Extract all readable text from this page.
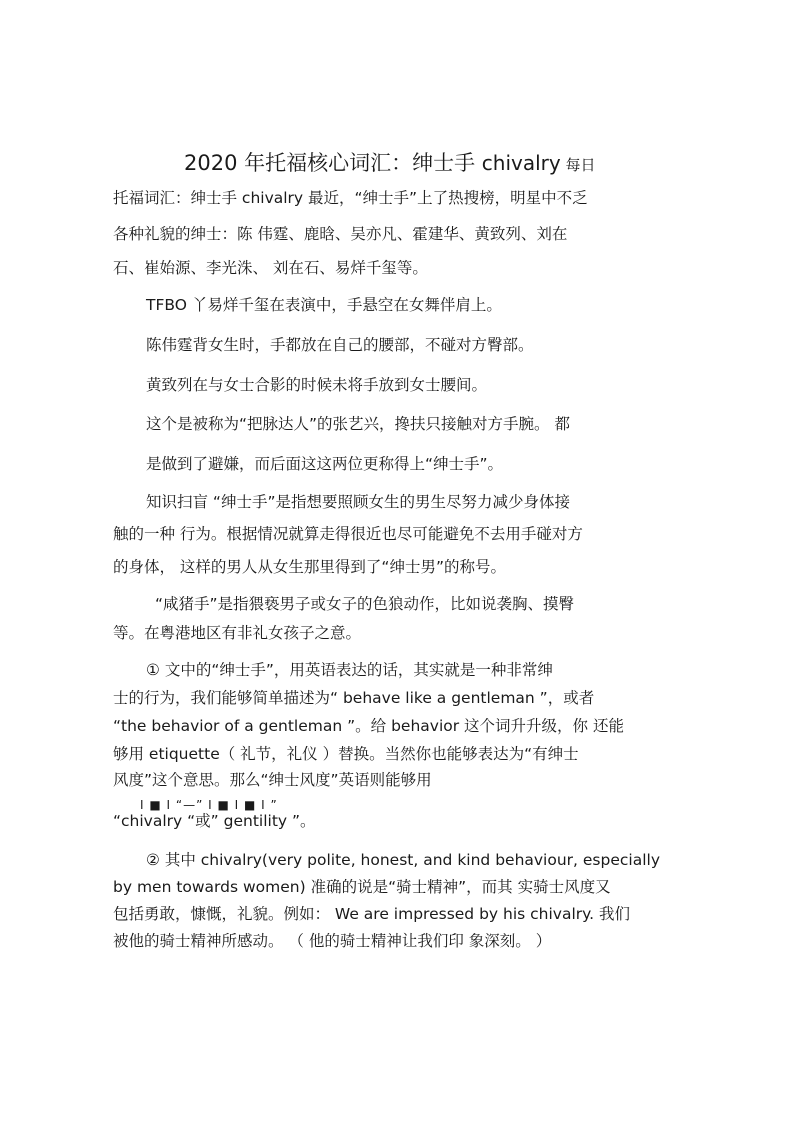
2020 年托福核心词汇：绅士手 chivalry 每日
托福词汇：绅士手 chivalry 最近，“绅士手”上了热搜榜，明星中不乏
各种礼貌的绅士：陈 伟霆、鹿晗、吴亦凡、霍建华、黄致列、刘在
石、崔始源、李光洙、 刘在石、易烊千玺等。
TFBO 丫易烊千玺在表演中，手悬空在女舞伴肩上。
陈伟霆背女生时，手都放在自己的腰部，不碰对方臀部。
黄致列在与女士合影的时候未将手放到女士腰间。
这个是被称为“把脉达人”的张艺兴，搀扶只接触对方手腕。 都
是做到了避嫌，而后面这这两位更称得上“绅士手”。
知识扫盲 “绅士手”是指想要照顾女生的男生尽努力减少身体接
触的一种 行为。根据情况就算走得很近也尽可能避免不去用手碰对方
的身体， 这样的男人从女生那里得到了“绅士男”的称号。
“咸猪手”是指猥亵男子或女子的色狼动作，比如说袭胸、摸臀
等。在粤港地区有非礼女孩子之意。
① 文中的“绅士手”，用英语表达的话，其实就是一种非常绅
士的行为，我们能够简单描述为“ behave like a gentleman ”，或者
“the behavior of a gentleman ”。给 behavior 这个词升升级，你 还能
够用 etiquette（ 礼节，礼仪 ）替换。当然你也能够表达为“有绅士
风度”这个意思。那么“绅士风度”英语则能够用
I ■ I “—” I ■ I ■ I ”
“chivalry “或” gentility ”。
② 其中 chivalry(very polite, honest, and kind behaviour, especially
by men towards women) 准确的说是“骑士精神”，而其 实骑士风度又
包括勇敢，慷慨，礼貌。例如： We are impressed by his chivalry. 我们
被他的骑士精神所感动。 （ 他的骑士精神让我们印 象深刻。 ）
